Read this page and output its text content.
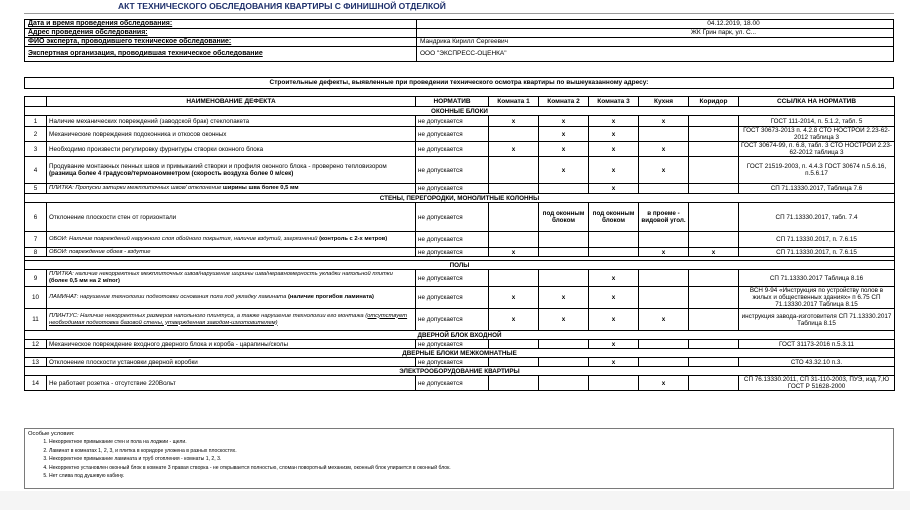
АКТ ТЕХНИЧЕСКОГО ОБСЛЕДОВАНИЯ КВАРТИРЫ С ФИНИШНОЙ ОТДЕЛКОЙ
Дата и время проведения обследования:	04.12.2019, 18.00
Адрес проведения обследования:	ЖК Грин парк, ул. С...
ФИО эксперта, проводившего техническое обследование:	Мандрика Кирилл Сергеевич
Экспертная организация, проводившая техническое обследование	ООО "ЭКСПРЕСС-ОЦЕНКА"
Строительные дефекты, выявленные при проведении технического осмотра квартиры по вышеуказанному адресу:
	НАИМЕНОВАНИЕ ДЕФЕКТА	НОРМАТИВ	Комната 1	Комната 2	Комната 3	Кухня	Коридор	ССЫЛКА НА НОРМАТИВ
ОКОННЫЕ БЛОКИ								
1	Наличие механических повреждений (заводской брак) стеклопакета	не допускается	x	x	x	x		ГОСТ 111-2014, п. 5.1.2, табл. 5
2	Механические повреждения подоконника и откосов оконных	не допускается		x	x			ГОСТ 30673-2013 п. 4.2.8 СТО НОСТРОЙ 2.23-62-2012 таблица 3
3	Необходимо произвести регулировку фурнитуры створки оконного блока	не допускается	x	x	x	x		ГОСТ 30674-99, п. 6.8, табл. 3 СТО НОСТРОЙ 2.23-62-2012 таблица 3
4	Продувание монтажных пенных швов и примыкаиий створки и профиля оконного блока - проверено тепловизором (разница более 4 градусов/термоаномметром (скорость воздуха более 0 м/сек)	не допускается		x	x	x		ГОСТ 21519-2003, п. 4.4.3 ГОСТ 30674 п.5.6.16, п.5.6.17
5	ПЛИТКА: Пропуски затирки межплиточных швов/ отклонение ширины шва более 0,5 мм	не допускается			x			СП 71.13330.2017, Таблица 7.6
СТЕНЫ, ПЕРЕГОРОДКИ, МОНОЛИТНЫЕ КОЛОННЫ								
6	Отклонение плоскости стен от горизонтали	не допускается		под оконным блоком	под оконным блоком	в проеме - видовой угол.		СП 71.13330.2017, табл. 7.4
7	ОБОИ: Наличие повреждений наружного слоя обойного покрытия, наличие вздутий, загрязнений (контроль с 2-х метров)	не допускается						СП 71.13330.2017, п. 7.6.15
8	ОБОИ: повреждение обоев - вздутие	не допускается	x			x	x	СП 71.13330.2017, п. 7.6.15

ПОЛЫ								
9	ПЛИТКА: наличие некорректных межплиточных швов/нарушение ширины шва/неравномерность укладки напольной плитки (более 0,5 мм на 2 м/пог)	не допускается			x			СП 71.13330.2017 Таблица 8.16
10	ЛАМИНАТ: нарушение технологии подготовки основания пола под укладку ламината (наличие прогибов ламината)	не допускается	x	x	x			ВСН 9-94 «Инструкция по устройству полов в жилых и общественных зданиях» п 6.75 СП 71.13330.2017 Таблица 8.15
11	ПЛИНТУС: Наличие некорректных размеров напольного плинтуса, а также нарушение технологии его монтажа (отсутствует необходимая подготовка базовой стены, утвержденная заводом-изготовителем)	не допускается	x	x	x	x		инструкция завода-изготовителя СП 71.13330.2017 Таблица 8.15
ДВЕРНОЙ БЛОК ВХОДНОЙ								
12	Механическое повреждение входного дверного блока и короба - царапины/сколы	не допускается			x			ГОСТ 31173-2016 п.5.3.11
ДВЕРНЫЕ БЛОКИ МЕЖКОМНАТНЫЕ								
13	Отклонение плоскости установки дверной коробки	не допускается			x			СТО 43.32.10 п.3.
ЭЛЕКТРООБОРУДОВАНИЕ КВАРТИРЫ								
14	Не работает розетка - отсутствие 220Вольт	не допускается				x		СП 76.13330.2011, СП 31-110-2003, ПУЭ, изд.7,Ю ГОСТ Р 51628-2000
Особые условия:
1. Некорректное примыкание стен и пола на лоджии - щели.
2. Ламинат в комнатах 1, 2, 3, и плитка в коридоре уложена в разных плоскостях.
3. Некорректное примыкание ламината и труб отопления - комнаты 1, 2, 3.
4. Некорректно установлен оконный блок в комнате 3 правая створка - не открывается полностью, сломан поворотный механизм, оконный блок упирается в оконный блок.
5. Нет слива под душевую кабину.
